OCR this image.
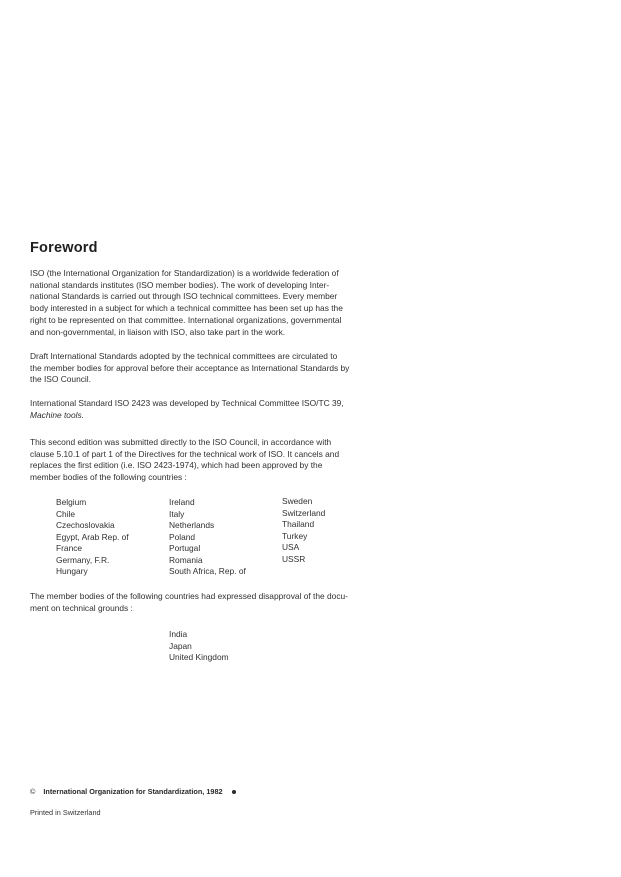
Foreword
ISO (the International Organization for Standardization) is a worldwide federation of
national standards institutes (ISO member bodies). The work of developing Inter-
national Standards is carried out through ISO technical committees. Every member
body interested in a subject for which a technical committee has been set up has the
right to be represented on that committee. International organizations, governmental
and non-governmental, in liaison with ISO, also take part in the work.
Draft International Standards adopted by the technical committees are circulated to
the member bodies for approval before their acceptance as International Standards by
the ISO Council.
International Standard ISO 2423 was developed by Technical Committee ISO/TC 39,
Machine tools.
This second edition was submitted directly to the ISO Council, in accordance with
clause 5.10.1 of part 1 of the Directives for the technical work of ISO. It cancels and
replaces the first edition (i.e. ISO 2423-1974), which had been approved by the
member bodies of the following countries :
Belgium
Chile
Czechoslovakia
Egypt, Arab Rep. of
France
Germany, F.R.
Hungary
Ireland
Italy
Netherlands
Poland
Portugal
Romania
South Africa, Rep. of
Sweden
Switzerland
Thailand
Turkey
USA
USSR
The member bodies of the following countries had expressed disapproval of the docu-
ment on technical grounds :
India
Japan
United Kingdom
© International Organization for Standardization, 1982
Printed in Switzerland
